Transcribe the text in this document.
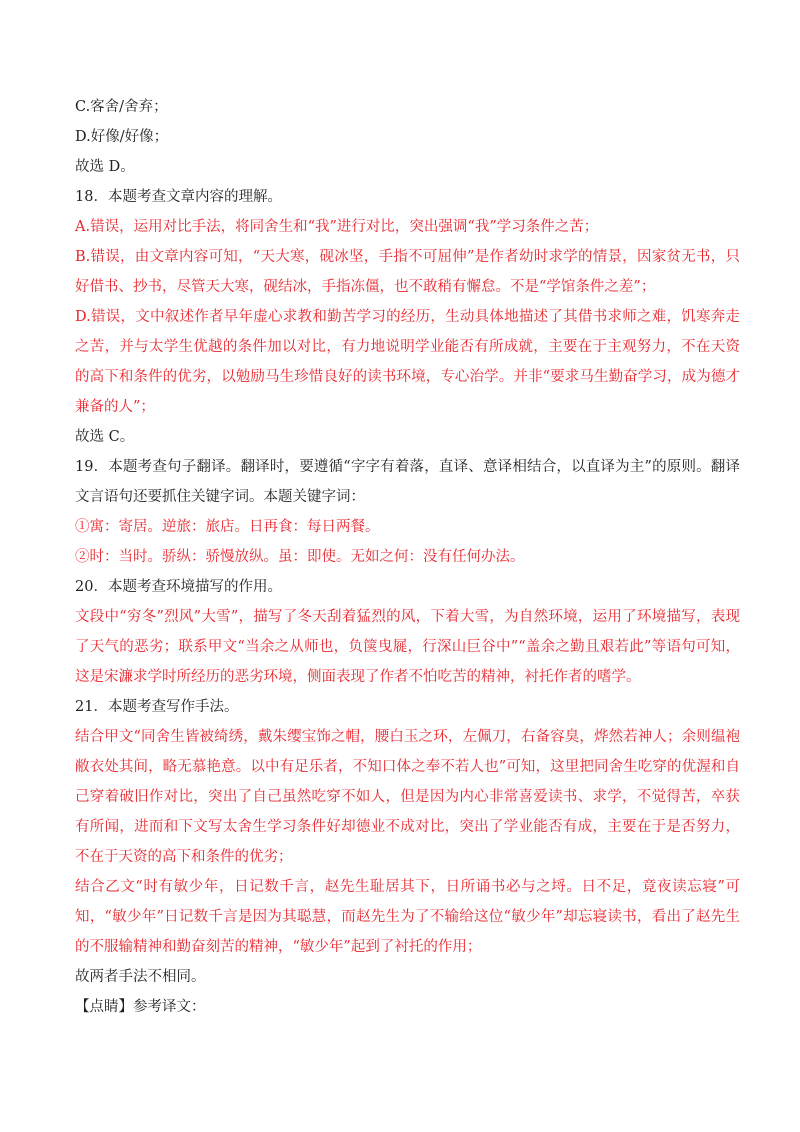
C.客舍/舍弃；
D.好像/好像；
故选 D。
18．本题考查文章内容的理解。
A.错误，运用对比手法，将同舍生和“我”进行对比，突出强调“我”学习条件之苦；
B.错误，由文章内容可知，“天大寒，砚冰坚，手指不可屈伸”是作者幼时求学的情景，因家贫无书，只好借书、抄书，尽管天大寒，砚结冰，手指冻僵，也不敢稍有懈怠。不是“学馆条件之差”；
D.错误，文中叙述作者早年虚心求教和勤苦学习的经历，生动具体地描述了其借书求师之难，饥寒奔走之苦，并与太学生优越的条件加以对比，有力地说明学业能否有所成就，主要在于主观努力，不在天资的高下和条件的优劣，以勉励马生珍惜良好的读书环境，专心治学。并非“要求马生勤奋学习，成为德才兼备的人”；
故选 C。
19．本题考查句子翻译。翻译时，要遵循“字字有着落，直译、意译相结合，以直译为主”的原则。翻译文言语句还要抓住关键字词。本题关键字词：
①寓：寄居。逆旅：旅店。日再食：每日两餐。
②时：当时。骄纵：骄慢放纵。虽：即使。无如之何：没有任何办法。
20．本题考查环境描写的作用。
文段中“穷冬”烈风”大雪”，描写了冬天刮着猛烈的风，下着大雪，为自然环境，运用了环境描写，表现了天气的恶劣；联系甲文“当余之从师也，负箧曳屣，行深山巨谷中”“盖余之勤且艰若此”等语句可知，这是宋濂求学时所经历的恶劣环境，侧面表现了作者不怕吃苦的精神，衬托作者的嗜学。
21．本题考查写作手法。
结合甲文“同舍生皆被绮绣，戴朱缨宝饰之帽，腰白玉之环，左佩刀，右备容臭，烨然若神人；余则缊袍敝衣处其间，略无慕艳意。以中有足乐者，不知口体之奉不若人也”可知，这里把同舍生吃穿的优渥和自己穿着破旧作对比，突出了自己虽然吃穿不如人，但是因为内心非常喜爱读书、求学，不觉得苦，卒获有所闻，进而和下文写太舍生学习条件好却德业不成对比，突出了学业能否有成，主要在于是否努力，不在于天资的高下和条件的优劣；
结合乙文“时有敏少年，日记数千言，赵先生耻居其下，日所诵书必与之埒。日不足，竟夜读忘寝”可知，“敏少年”日记数千言是因为其聪慧，而赵先生为了不输给这位“敏少年”却忘寝读书，看出了赵先生的不服输精神和勤奋刻苦的精神，“敏少年”起到了衬托的作用；
故两者手法不相同。
【点睛】参考译文：
